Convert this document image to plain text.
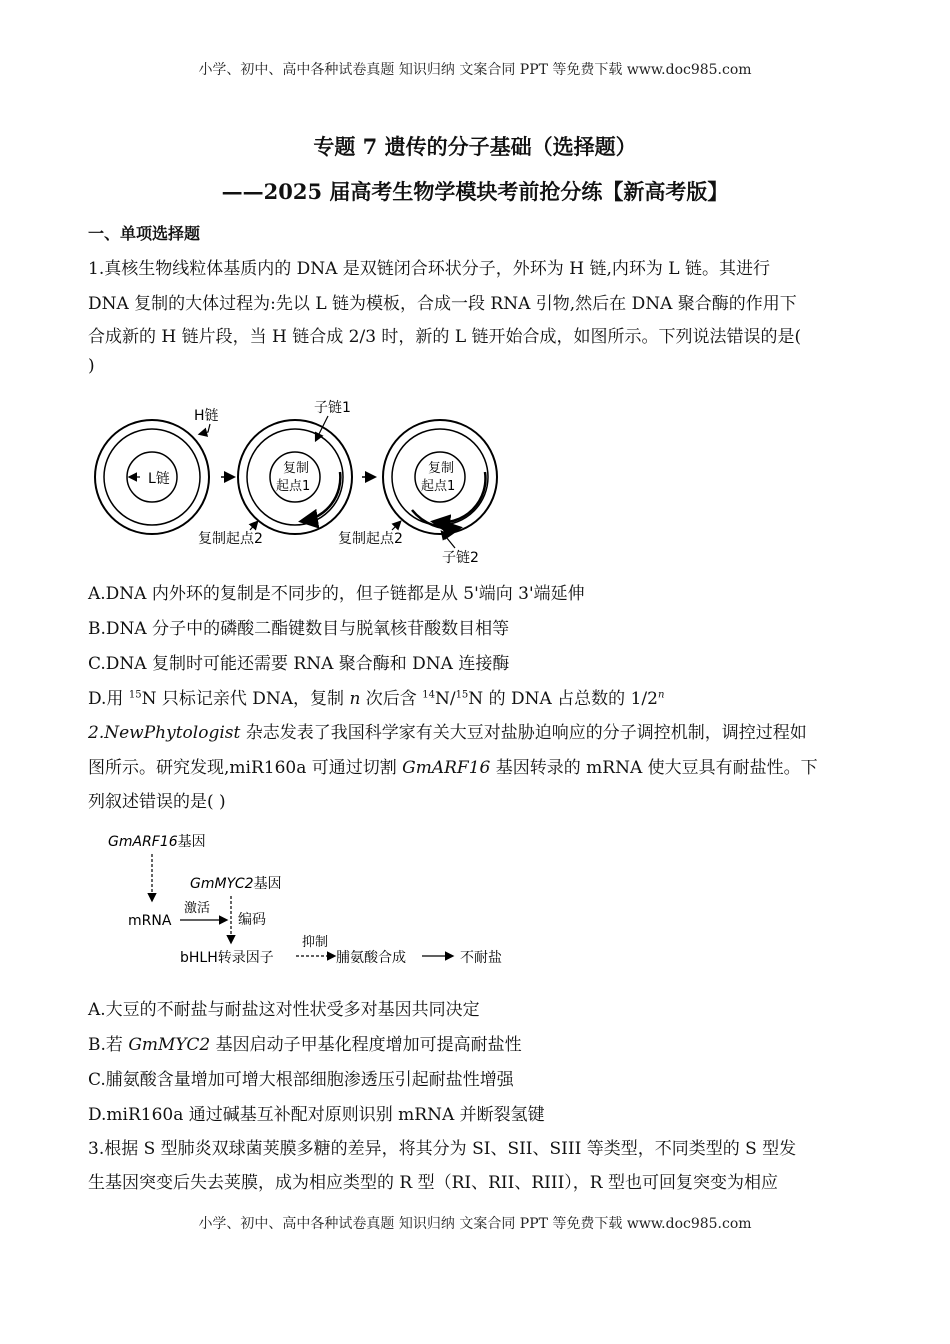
小学、初中、高中各种试卷真题 知识归纳 文案合同 PPT 等免费下载 www.doc985.com
专题 7 遗传的分子基础（选择题）
——2025 届高考生物学模块考前抢分练【新高考版】
一、单项选择题
1.真核生物线粒体基质内的 DNA 是双链闭合环状分子，外环为 H 链,内环为 L 链。其进行
DNA 复制的大体过程为:先以 L 链为模板，合成一段 RNA 引物,然后在 DNA 聚合酶的作用下
合成新的 H 链片段，当 H 链合成 2/3 时，新的 L 链开始合成，如图所示。下列说法错误的是(
)
L链
H链
复制
起点1
子链1
复制
起点1
子链2
复制起点2	复制起点2
A.DNA 内外环的复制是不同步的，但子链都是从 5'端向 3'端延伸
B.DNA 分子中的磷酸二酯键数目与脱氧核苷酸数目相等
C.DNA 复制时可能还需要 RNA 聚合酶和 DNA 连接酶
D.用 $^{15}$N 只标记亲代 DNA，复制 n 次后含 $^{14}$N/$^{15}$N 的 DNA 占总数的 1/2$^n$
2.NewPhytologist 杂志发表了我国科学家有关大豆对盐胁迫响应的分子调控机制，调控过程如
图所示。研究发现,miR160a 可通过切割 GmARF16 基因转录的 mRNA 使大豆具有耐盐性。下
列叙述错误的是( )
GmARF16基因
GmMYC2基因
mRNA
激活
编码
bHLH转录因子
抑制
脯氨酸合成	不耐盐
A.大豆的不耐盐与耐盐这对性状受多对基因共同决定
B.若 GmMYC2 基因启动子甲基化程度增加可提高耐盐性
C.脯氨酸含量增加可增大根部细胞渗透压引起耐盐性增强
D.miR160a 通过碱基互补配对原则识别 mRNA 并断裂氢键
3.根据 S 型肺炎双球菌荚膜多糖的差异，将其分为 SI、SII、SIII 等类型，不同类型的 S 型发
生基因突变后失去荚膜，成为相应类型的 R 型（RI、RII、RIII），R 型也可回复突变为相应
小学、初中、高中各种试卷真题 知识归纳 文案合同 PPT 等免费下载 www.doc985.com
